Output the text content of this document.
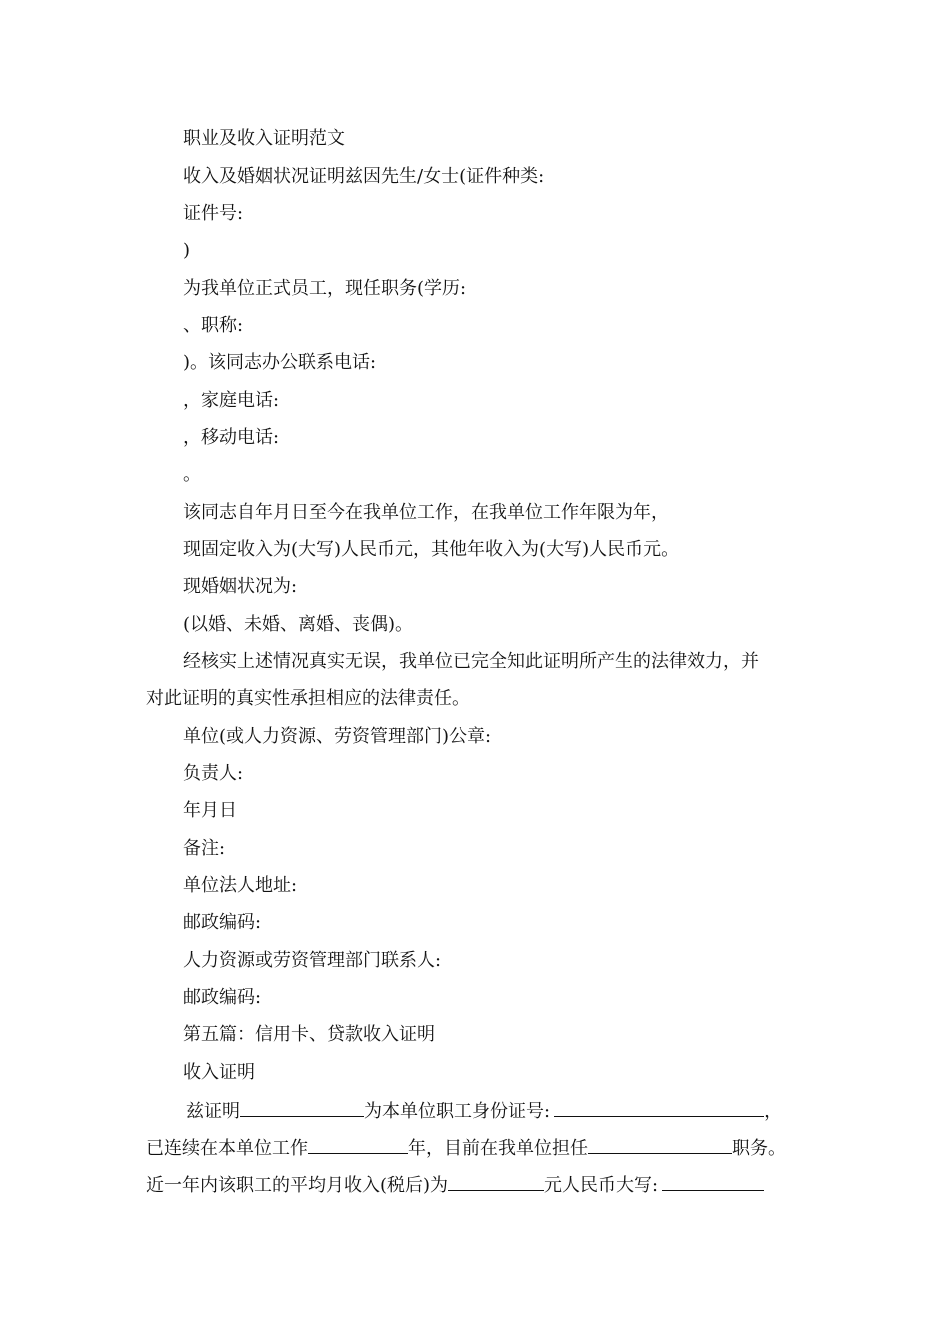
职业及收入证明范文
收入及婚姻状况证明兹因先生/女士(证件种类:
证件号:
)
为我单位正式员工，现任职务(学历:
、职称:
)。该同志办公联系电话:
，家庭电话:
，移动电话:
。
该同志自年月日至今在我单位工作，在我单位工作年限为年，
现固定收入为(大写)人民币元，其他年收入为(大写)人民币元。
现婚姻状况为:
(以婚、未婚、离婚、丧偶)。
经核实上述情况真实无误，我单位已完全知此证明所产生的法律效力，并
对此证明的真实性承担相应的法律责任。
单位(或人力资源、劳资管理部门)公章:
负责人:
年月日
备注:
单位法人地址:
邮政编码:
人力资源或劳资管理部门联系人:
邮政编码:
第五篇：信用卡、贷款收入证明
收入证明
兹证明	为本单位职工身份证号:	，
已连续在本单位工作	年，目前在我单位担任	职务。
近一年内该职工的平均月收入(税后)为	元人民币大写:
